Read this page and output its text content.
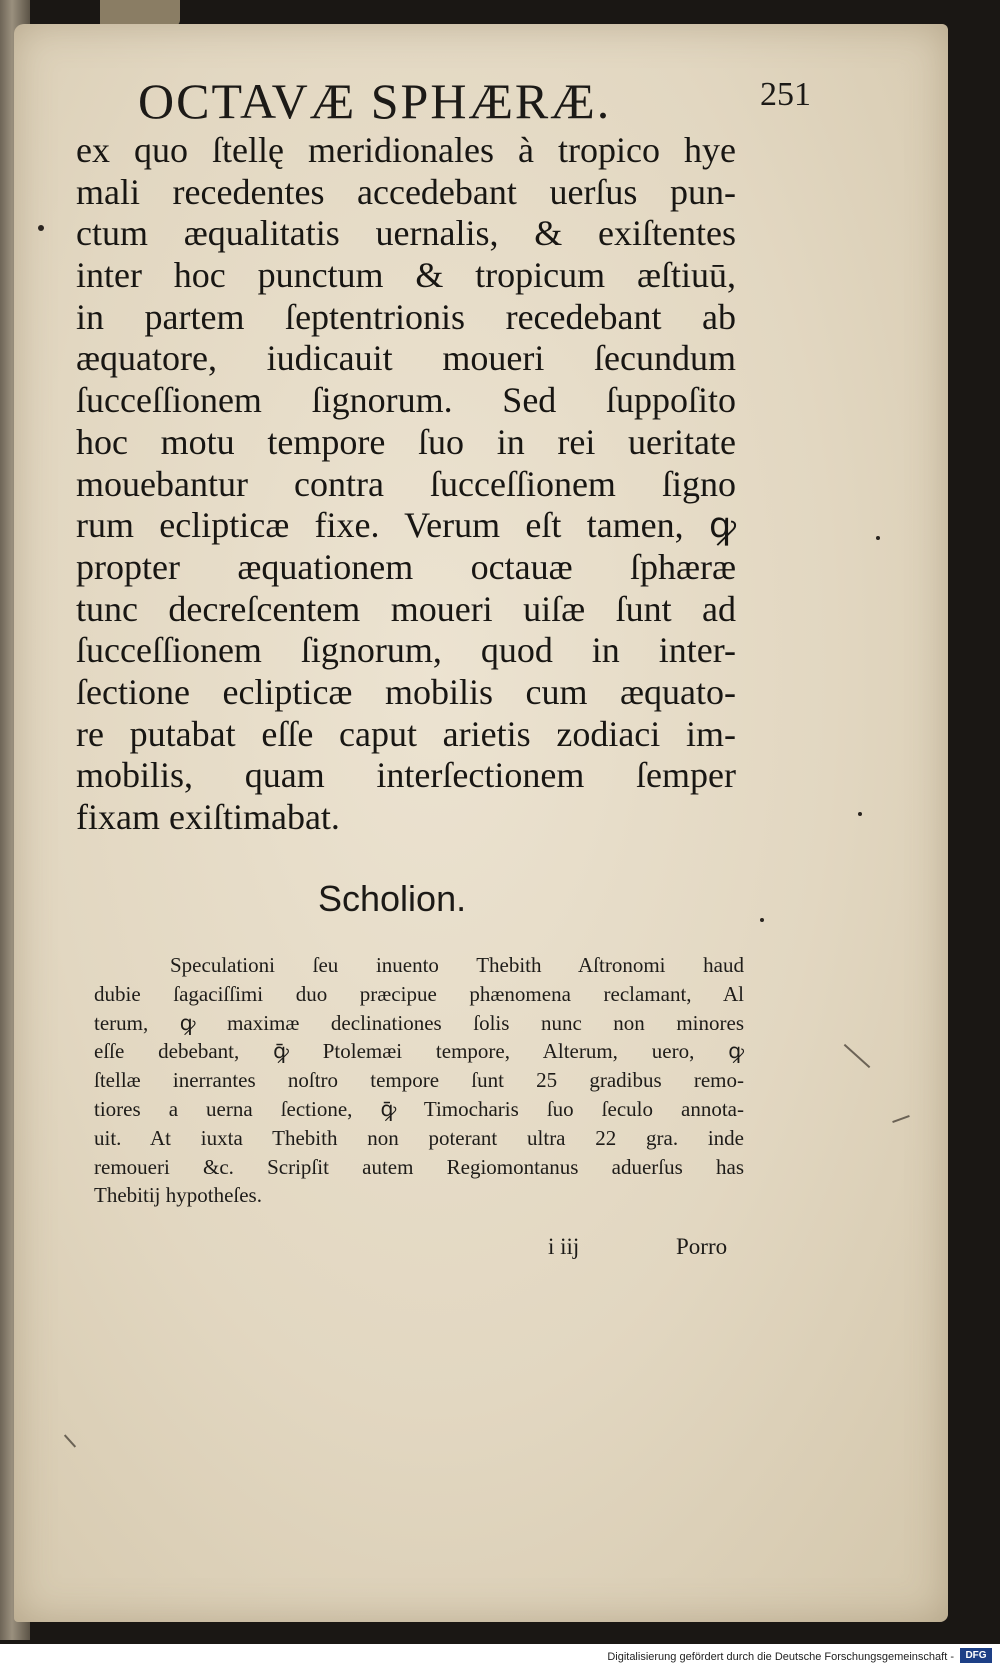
OCTAVÆ SPHÆRÆ.	251
ex quo ſtellę meridionales à tropico hye
mali recedentes accedebant uerſus pun-
ctum æqualitatis uernalis, & exiſtentes
inter hoc punctum & tropicum æſtiuū,
in partem ſeptentrionis recedebant ab
æquatore, iudicauit moueri ſecundum
ſucceſſionem ſignorum. Sed ſuppoſito
hoc motu tempore ſuo in rei ueritate
mouebantur contra ſucceſſionem ſigno
rum eclipticæ fixe. Verum eſt tamen, ꝙ
propter æquationem octauæ ſphæræ
tunc decreſcentem moueri uiſæ ſunt ad
ſucceſſionem ſignorum, quod in inter-
ſectione eclipticæ mobilis cum æquato-
re putabat eſſe caput arietis zodiaci im-
mobilis, quam interſectionem ſemper
fixam exiſtimabat.
Scholion.
Speculationi ſeu inuento Thebith Aſtronomi haud
dubie ſagaciſſimi duo præcipue phænomena reclamant, Al
terum, ꝙ maximæ declinationes ſolis nunc non minores
eſſe debebant, ꝙ̄ Ptolemæi tempore, Alterum, uero, ꝙ
ſtellæ inerrantes noſtro tempore ſunt 25 gradibus remo-
tiores a uerna ſectione, ꝙ̄ Timocharis ſuo ſeculo annota-
uit. At iuxta Thebith non poterant ultra 22 gra. inde
remoueri &c. Scripſit autem Regiomontanus aduerſus has
Thebitij hypotheſes.
i iij	Porro
Digitalisierung gefördert durch die Deutsche Forschungsgemeinschaft -	DFG
